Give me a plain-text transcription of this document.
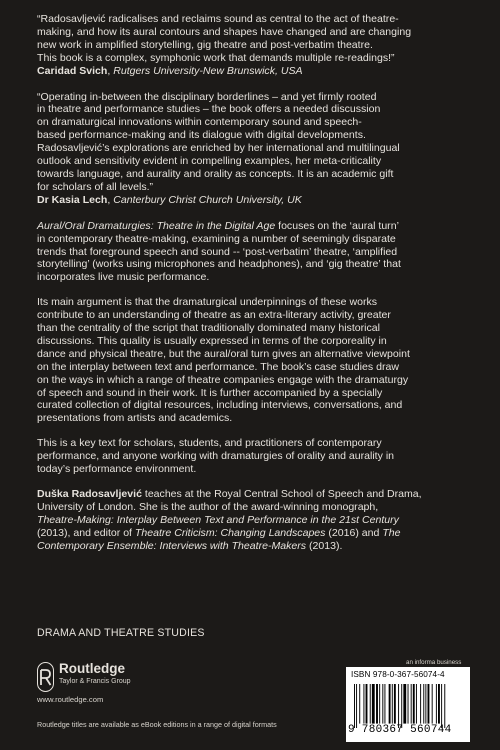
“Radosavljević radicalises and reclaims sound as central to the act of theatre-
making, and how its aural contours and shapes have changed and are changing
new work in amplified storytelling, gig theatre and post-verbatim theatre.
This book is a complex, symphonic work that demands multiple re-readings!”

Caridad Svich, Rutgers University-New Brunswick, USA

“Operating in-between the disciplinary borderlines – and yet firmly rooted
in theatre and performance studies – the book offers a needed discussion
on dramaturgical innovations within contemporary sound and speech-
based performance-making and its dialogue with digital developments.
Radosavljević’s explorations are enriched by her international and multilingual
outlook and sensitivity evident in compelling examples, her meta-criticality
towards language, and aurality and orality as concepts. It is an academic gift
for scholars of all levels.”

Dr Kasia Lech, Canterbury Christ Church University, UK

Aural/Oral Dramaturgies: Theatre in the Digital Age focuses on the ‘aural turn’
in contemporary theatre-making, examining a number of seemingly disparate
trends that foreground speech and sound -- ‘post-verbatim’ theatre, ‘amplified
storytelling’ (works using microphones and headphones), and ‘gig theatre’ that
incorporates live music performance.

Its main argument is that the dramaturgical underpinnings of these works
contribute to an understanding of theatre as an extra-literary activity, greater
than the centrality of the script that traditionally dominated many historical
discussions. This quality is usually expressed in terms of the corporeality in
dance and physical theatre, but the aural/oral turn gives an alternative viewpoint
on the interplay between text and performance. The book’s case studies draw
on the ways in which a range of theatre companies engage with the dramaturgy
of speech and sound in their work. It is further accompanied by a specially
curated collection of digital resources, including interviews, conversations, and
presentations from artists and academics.

This is a key text for scholars, students, and practitioners of contemporary
performance, and anyone working with dramaturgies of orality and aurality in
today’s performance environment.

Duška Radosavljević teaches at the Royal Central School of Speech and Drama,
University of London. She is the author of the award-winning monograph,
Theatre-Making: Interplay Between Text and Performance in the 21st Century
(2013), and editor of Theatre Criticism: Changing Landscapes (2016) and The
Contemporary Ensemble: Interviews with Theatre-Makers (2013).

DRAMA AND THEATRE STUDIES
Routledge
Taylor & Francis Group
www.routledge.com
Routledge titles are available as eBook editions in a range of digital formats
an informa business
ISBN 978-0-367-56074-4
9 780367 560744
